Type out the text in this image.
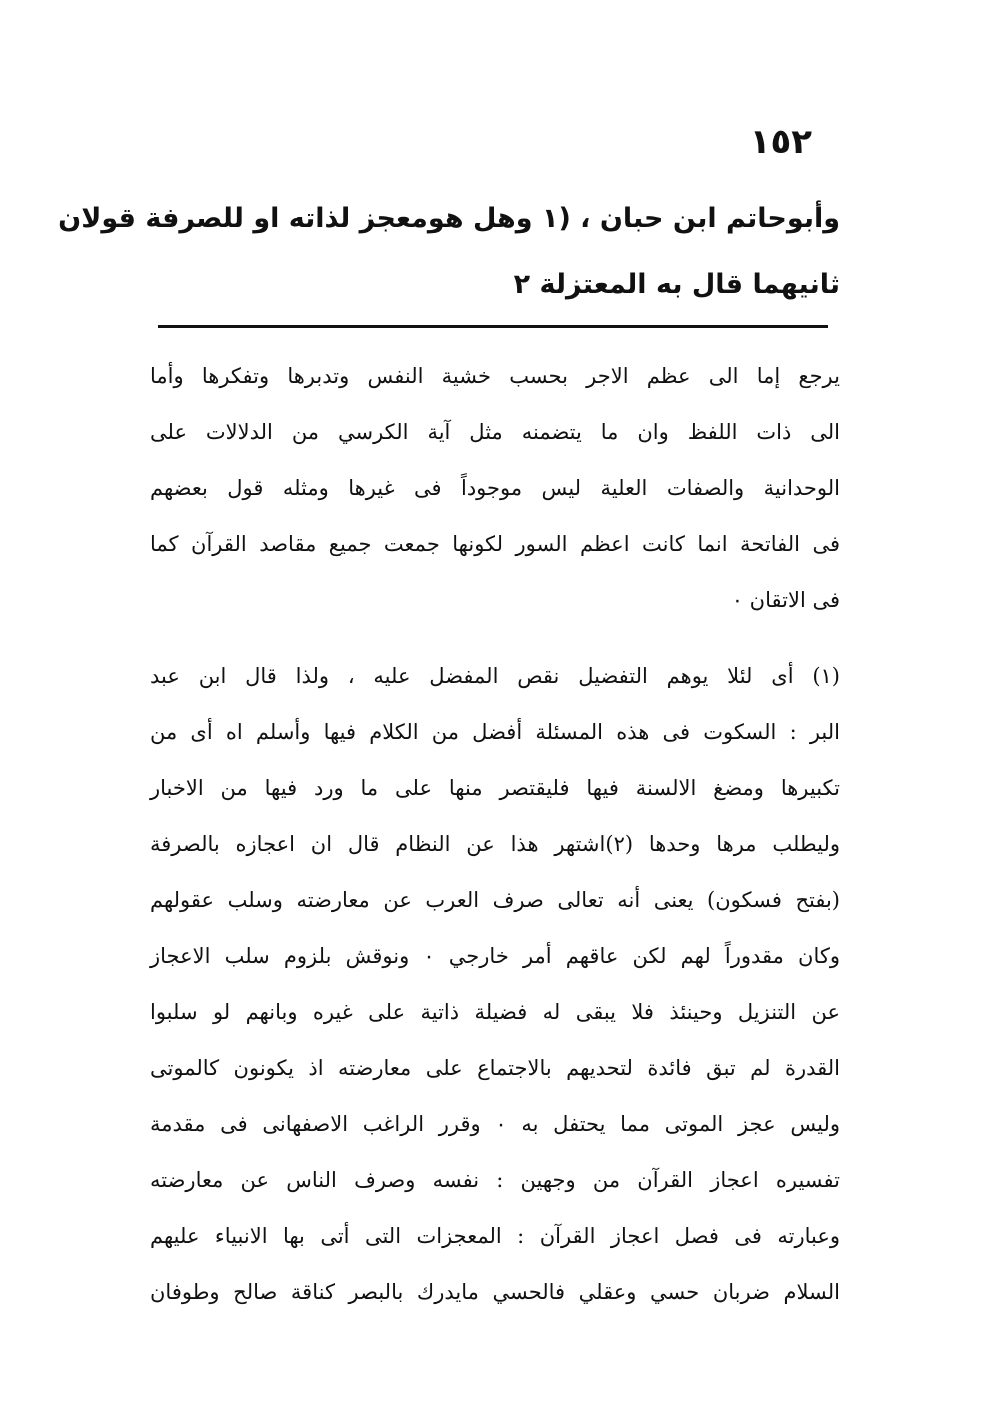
١٥٢
وأبوحاتم ابن حبان ، (١ وهل هومعجز لذاته او للصرفة قولان
ثانيهما قال به المعتزلة ٢
يرجع إما الى عظم الاجر بحسب خشية النفس وتدبرها وتفكرها وأما
الى ذات اللفظ وان ما يتضمنه مثل آية الكرسي من الدلالات على
الوحدانية والصفات العلية ليس موجوداً فى غيرها ومثله قول بعضهم
فى الفاتحة انما كانت اعظم السور لكونها جمعت جميع مقاصد القرآن كما
فى الاتقان ٠
(١) أى لئلا يوهم التفضيل نقص المفضل عليه ، ولذا قال ابن عبد
البر : السكوت فى هذه المسئلة أفضل من الكلام فيها وأسلم اه أى من
تكبيرها ومضغ الالسنة فيها فليقتصر منها على ما ورد فيها من الاخبار
وليطلب مرها وحدها (٢)اشتهر هذا عن النظام قال ان اعجازه بالصرفة
(بفتح فسكون) يعنى أنه تعالى صرف العرب عن معارضته وسلب عقولهم
وكان مقدوراً لهم لكن عاقهم أمر خارجي ٠ ونوقش بلزوم سلب الاعجاز
عن التنزيل وحينئذ فلا يبقى له فضيلة ذاتية على غيره وبانهم لو سلبوا
القدرة لم تبق فائدة لتحديهم بالاجتماع على معارضته اذ يكونون كالموتى
وليس عجز الموتى مما يحتفل به ٠ وقرر الراغب الاصفهانى فى مقدمة
تفسيره اعجاز القرآن من وجهين : نفسه وصرف الناس عن معارضته
وعبارته فى فصل اعجاز القرآن : المعجزات التى أتى بها الانبياء عليهم
السلام ضربان حسي وعقلي فالحسي مايدرك بالبصر كناقة صالح وطوفان
